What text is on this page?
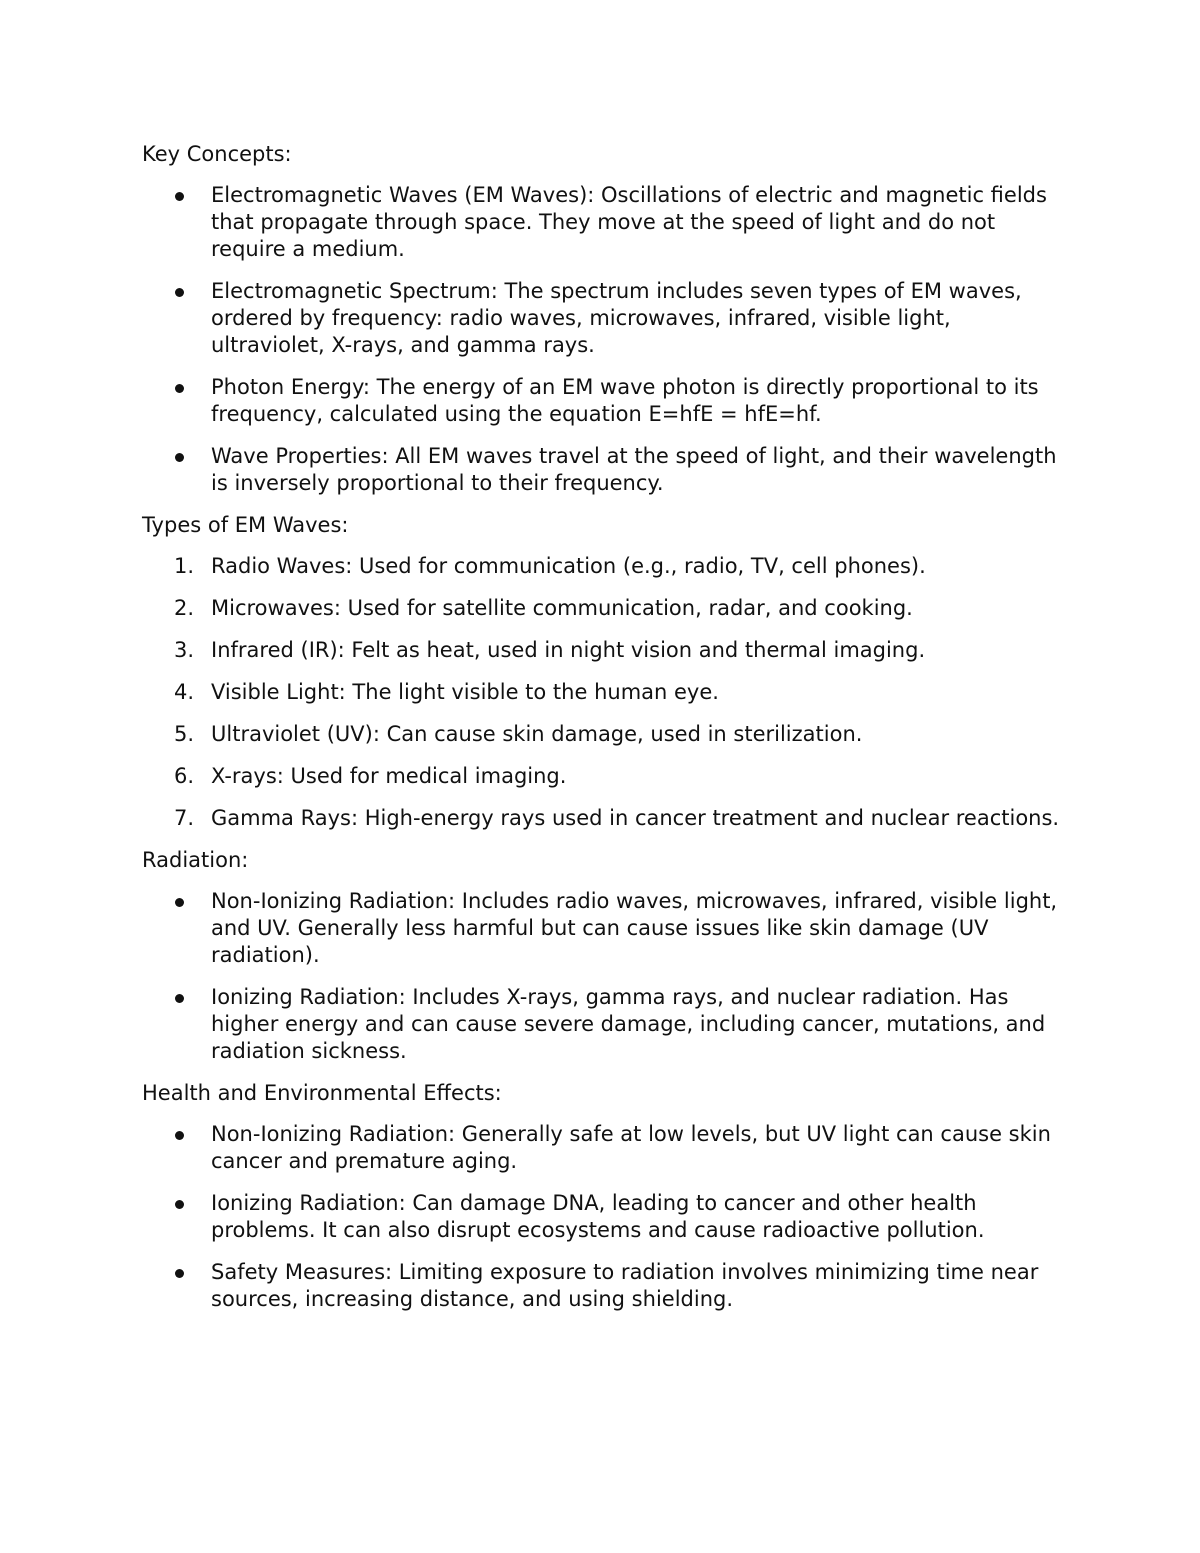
Key Concepts:

Electromagnetic Waves (EM Waves): Oscillations of electric and magnetic fields that propagate through space. They move at the speed of light and do not require a medium.
Electromagnetic Spectrum: The spectrum includes seven types of EM waves, ordered by frequency: radio waves, microwaves, infrared, visible light, ultraviolet, X-rays, and gamma rays.
Photon Energy: The energy of an EM wave photon is directly proportional to its frequency, calculated using the equation E=hfE = hfE=hf.
Wave Properties: All EM waves travel at the speed of light, and their wavelength is inversely proportional to their frequency.

Types of EM Waves:

1. Radio Waves: Used for communication (e.g., radio, TV, cell phones).
2. Microwaves: Used for satellite communication, radar, and cooking.
3. Infrared (IR): Felt as heat, used in night vision and thermal imaging.
4. Visible Light: The light visible to the human eye.
5. Ultraviolet (UV): Can cause skin damage, used in sterilization.
6. X-rays: Used for medical imaging.
7. Gamma Rays: High-energy rays used in cancer treatment and nuclear reactions.

Radiation:

Non-Ionizing Radiation: Includes radio waves, microwaves, infrared, visible light, and UV. Generally less harmful but can cause issues like skin damage (UV radiation).
Ionizing Radiation: Includes X-rays, gamma rays, and nuclear radiation. Has higher energy and can cause severe damage, including cancer, mutations, and radiation sickness.

Health and Environmental Effects:

Non-Ionizing Radiation: Generally safe at low levels, but UV light can cause skin cancer and premature aging.
Ionizing Radiation: Can damage DNA, leading to cancer and other health problems. It can also disrupt ecosystems and cause radioactive pollution.
Safety Measures: Limiting exposure to radiation involves minimizing time near sources, increasing distance, and using shielding.
